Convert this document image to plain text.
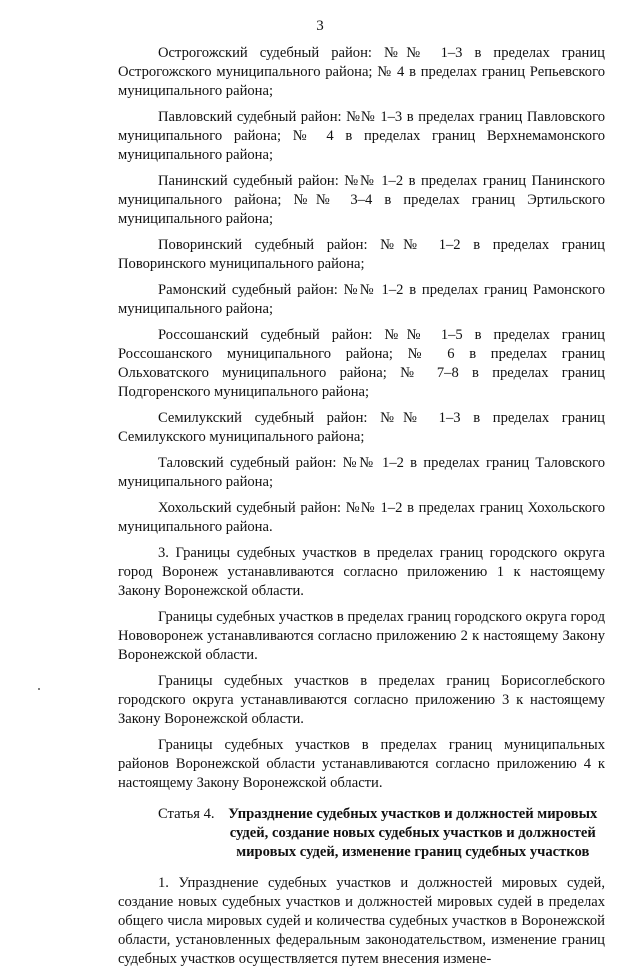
3

Острогожский судебный район: №№ 1–3 в пределах границ Острогожского муниципального района; № 4 в пределах границ Репьевского муниципального района;

Павловский судебный район: №№ 1–3 в пределах границ Павловского муниципального района; № 4 в пределах границ Верхнемамонского муниципального района;

Панинский судебный район: №№ 1–2 в пределах границ Панинского муниципального района; №№ 3–4 в пределах границ Эртильского муниципального района;

Поворинский судебный район: №№ 1–2 в пределах границ Поворинского муниципального района;

Рамонский судебный район: №№ 1–2 в пределах границ Рамонского муниципального района;

Россошанский судебный район: №№ 1–5 в пределах границ Россошанского муниципального района; № 6 в пределах границ Ольховатского муниципального района; № 7–8 в пределах границ Подгоренского муниципального района;

Семилукский судебный район: №№ 1–3 в пределах границ Семилукского муниципального района;

Таловский судебный район: №№ 1–2 в пределах границ Таловского муниципального района;

Хохольский судебный район: №№ 1–2 в пределах границ Хохольского муниципального района.

3. Границы судебных участков в пределах границ городского округа город Воронеж устанавливаются согласно приложению 1 к настоящему Закону Воронежской области.

Границы судебных участков в пределах границ городского округа город Нововоронеж устанавливаются согласно приложению 2 к настоящему Закону Воронежской области.

Границы судебных участков в пределах границ Борисоглебского городского округа устанавливаются согласно приложению 3 к настоящему Закону Воронежской области.

Границы судебных участков в пределах границ муниципальных районов Воронежской области устанавливаются согласно приложению 4 к настоящему Закону Воронежской области.

Статья 4. Упразднение судебных участков и должностей мировых судей, создание новых судебных участков и должностей мировых судей, изменение границ судебных участков

1. Упразднение судебных участков и должностей мировых судей, создание новых судебных участков и должностей мировых судей в пределах общего числа мировых судей и количества судебных участков в Воронежской области, установленных федеральным законодательством, изменение границ судебных участков осуществляется путем внесения измене-
